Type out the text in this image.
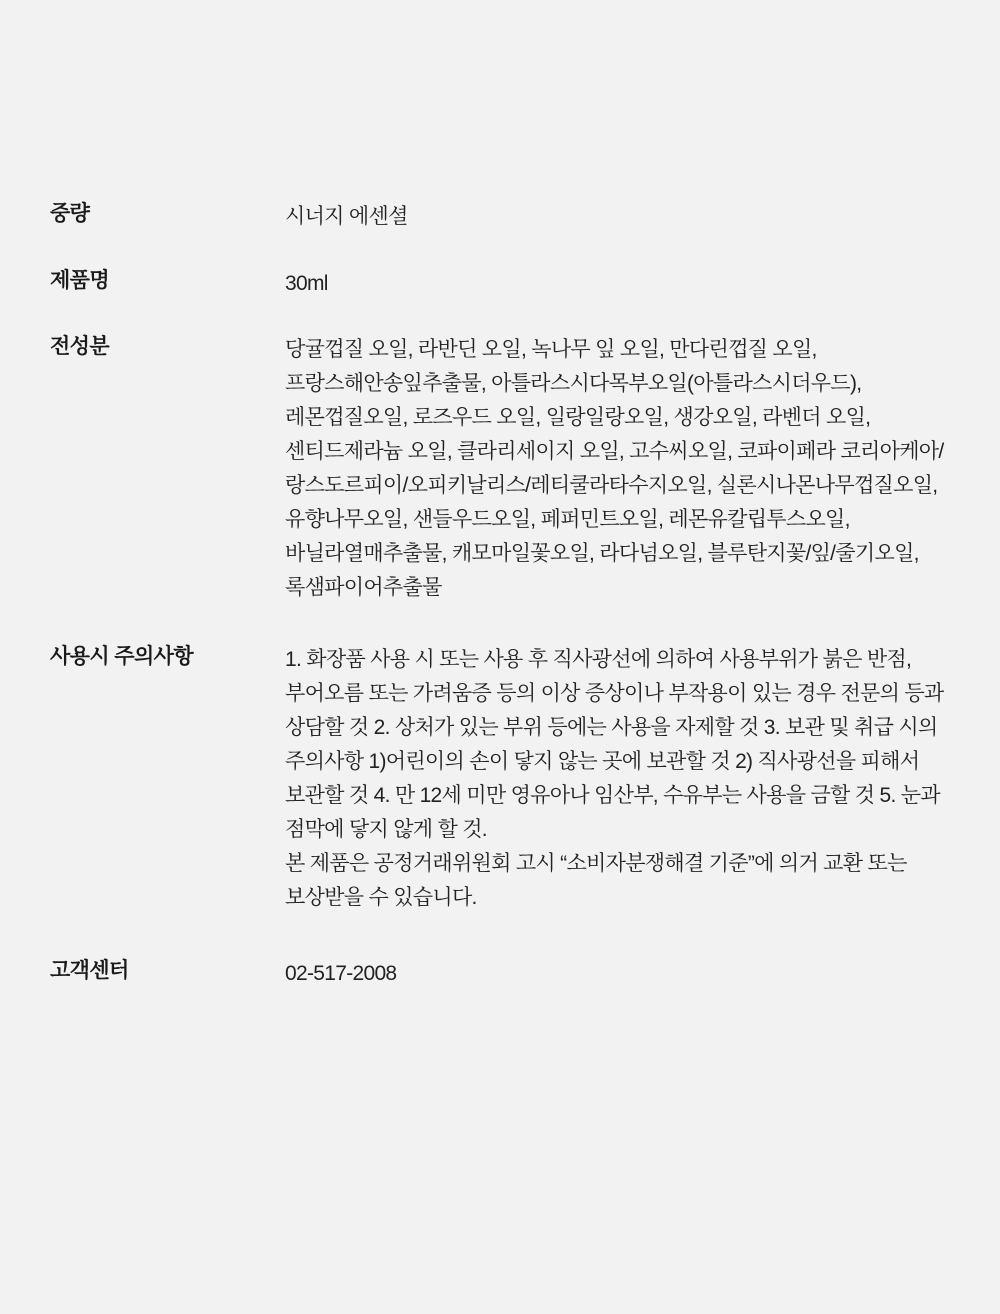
중량	시너지 에센셜
제품명	30ml
전성분	당귤껍질 오일, 라반딘 오일, 녹나무 잎 오일, 만다린껍질 오일, 프랑스해안송잎추출물, 아틀라스시다목부오일(아틀라스시더우드), 레몬껍질오일, 로즈우드 오일, 일랑일랑오일, 생강오일, 라벤더 오일, 센티드제라늄 오일, 클라리세이지 오일, 고수씨오일, 코파이페라 코리아케아/랑스도르피이/오피키날리스/레티쿨라타수지오일, 실론시나몬나무껍질오일, 유향나무오일, 샌들우드오일, 페퍼민트오일, 레몬유칼립투스오일, 바닐라열매추출물, 캐모마일꽃오일, 라다넘오일, 블루탄지꽃/잎/줄기오일, 록샘파이어추출물
사용시 주의사항	1. 화장품 사용 시 또는 사용 후 직사광선에 의하여 사용부위가 붉은 반점, 부어오름 또는 가려움증 등의 이상 증상이나 부작용이 있는 경우 전문의 등과 상담할 것 2. 상처가 있는 부위 등에는 사용을 자제할 것 3. 보관 및 취급 시의 주의사항 1)어린이의 손이 닿지 않는 곳에 보관할 것 2) 직사광선을 피해서 보관할 것 4. 만 12세 미만 영유아나 임산부, 수유부는 사용을 금할 것 5. 눈과 점막에 닿지 않게 할 것.
본 제품은 공정거래위원회 고시 “소비자분쟁해결 기준”에 의거 교환 또는 보상받을 수 있습니다.

고객센터	02-517-2008
